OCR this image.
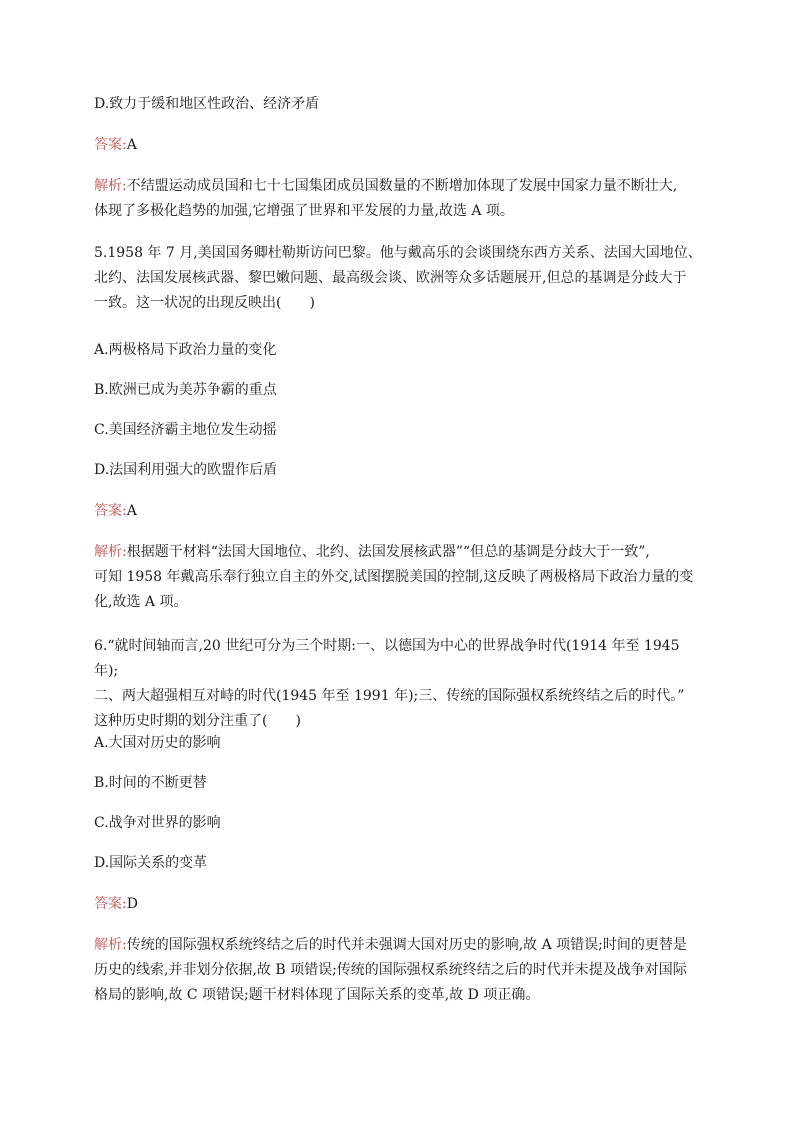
D.致力于缓和地区性政治、经济矛盾

答案:A

解析:不结盟运动成员国和七十七国集团成员国数量的不断增加体现了发展中国家力量不断壮大,
体现了多极化趋势的加强,它增强了世界和平发展的力量,故选 A 项。
5.1958 年 7 月,美国国务卿杜勒斯访问巴黎。他与戴高乐的会谈围绕东西方关系、法国大国地位、
北约、法国发展核武器、黎巴嫩问题、最高级会谈、欧洲等众多话题展开,但总的基调是分歧大于
一致。这一状况的出现反映出(　　)

A.两极格局下政治力量的变化

B.欧洲已成为美苏争霸的重点

C.美国经济霸主地位发生动摇

D.法国利用强大的欧盟作后盾

答案:A

解析:根据题干材料“法国大国地位、北约、法国发展核武器”“但总的基调是分歧大于一致”,
可知 1958 年戴高乐奉行独立自主的外交,试图摆脱美国的控制,这反映了两极格局下政治力量的变
化,故选 A 项。
6.“就时间轴而言,20 世纪可分为三个时期:一、以德国为中心的世界战争时代(1914 年至 1945 年);
二、两大超强相互对峙的时代(1945 年至 1991 年);三、传统的国际强权系统终结之后的时代。”
这种历史时期的划分注重了(　　)

A.大国对历史的影响

B.时间的不断更替

C.战争对世界的影响

D.国际关系的变革

答案:D

解析:传统的国际强权系统终结之后的时代并未强调大国对历史的影响,故 A 项错误;时间的更替是
历史的线索,并非划分依据,故 B 项错误;传统的国际强权系统终结之后的时代并未提及战争对国际
格局的影响,故 C 项错误;题干材料体现了国际关系的变革,故 D 项正确。
